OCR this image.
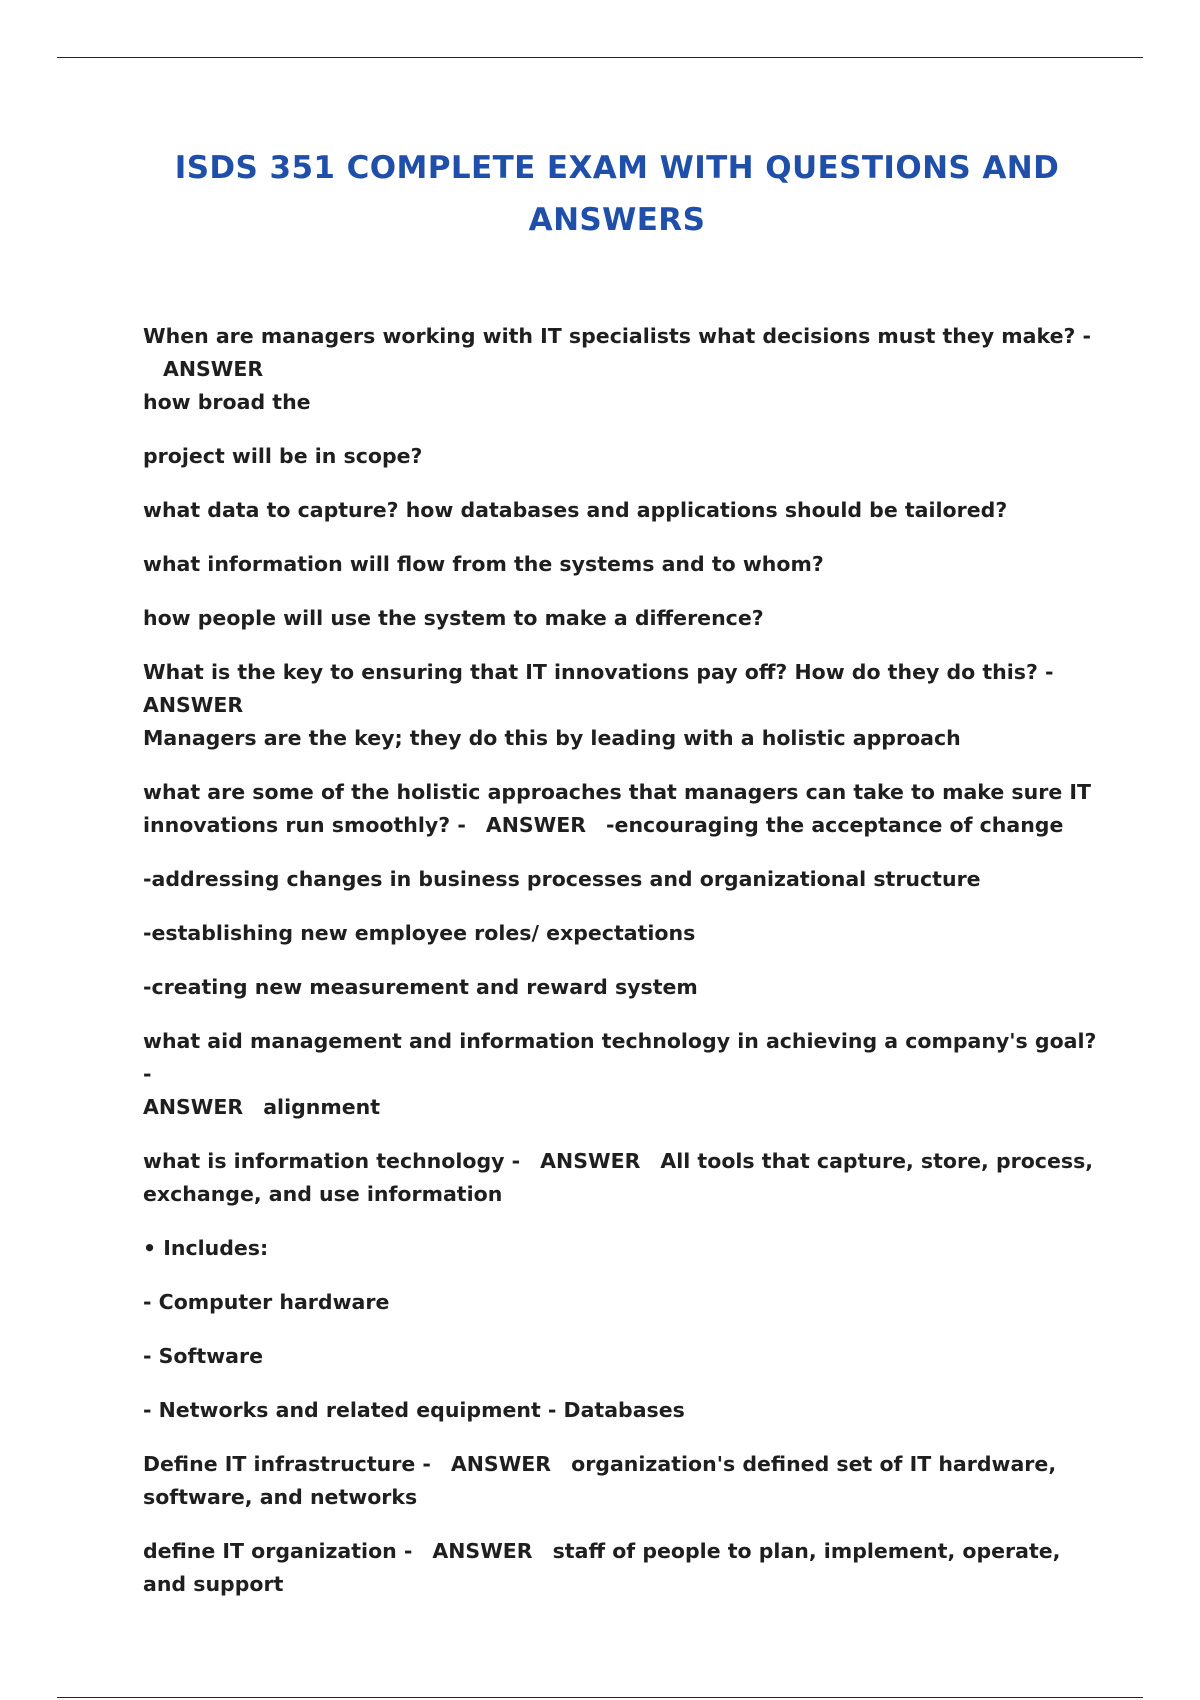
ISDS 351 COMPLETE EXAM WITH QUESTIONS AND ANSWERS

When are managers working with IT specialists what decisions must they make? -ANSWER
how broad the

project will be in scope?

what data to capture? how databases and applications should be tailored?

what information will flow from the systems and to whom?

how people will use the system to make a difference?

What is the key to ensuring that IT innovations pay off? How do they do this? -ANSWER
Managers are the key; they do this by leading with a holistic approach

what are some of the holistic approaches that managers can take to make sure IT innovations run smoothly? - ANSWER -encouraging the acceptance of change

-addressing changes in business processes and organizational structure

-establishing new employee roles/ expectations

-creating new measurement and reward system

what aid management and information technology in achieving a company's goal? -
ANSWER alignment

what is information technology - ANSWER All tools that capture, store, process, exchange, and use information

• Includes:

- Computer hardware

- Software

- Networks and related equipment - Databases

Define IT infrastructure - ANSWER organization's defined set of IT hardware, software, and networks

define IT organization - ANSWER staff of people to plan, implement, operate, and support
